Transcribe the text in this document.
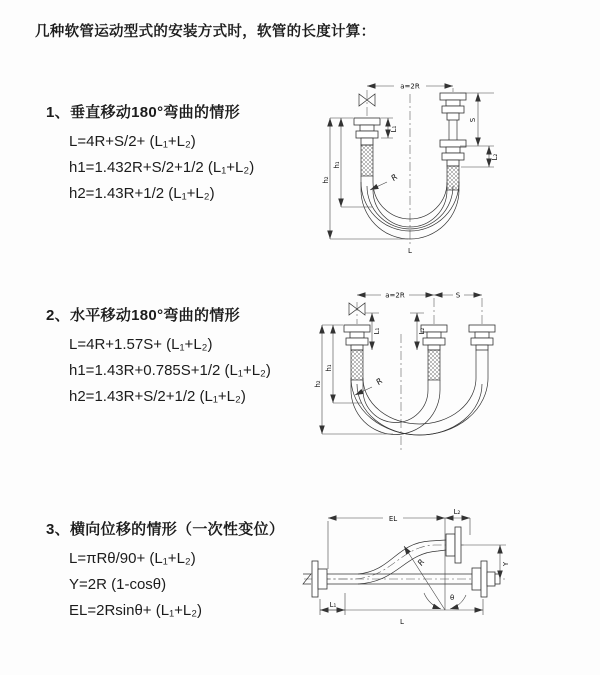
几种软管运动型式的安装方式时，软管的长度计算：
1、垂直移动180°弯曲的情形
L=4R+S/2+ (L₁+L₂)
h1=1.432R+S/2+1/2 (L₁+L₂)
h2=1.43R+1/2 (L₁+L₂)
2、水平移动180°弯曲的情形
L=4R+1.57S+ (L₁+L₂)
h1=1.43R+0.785S+1/2 (L₁+L₂)
h2=1.43R+S/2+1/2 (L₁+L₂)
3、横向位移的情形（一次性变位）
L=πRθ/90+ (L₁+L₂)
Y=2R (1-cosθ)
EL=2Rsinθ+ (L₁+L₂)
a=2R
S
L₂
h₂
h₁
L₁
R
L
a=2R	S
h₂
h₁
L₁	L₂
R
EL
L₂
R
θ
Y
L₁
L
